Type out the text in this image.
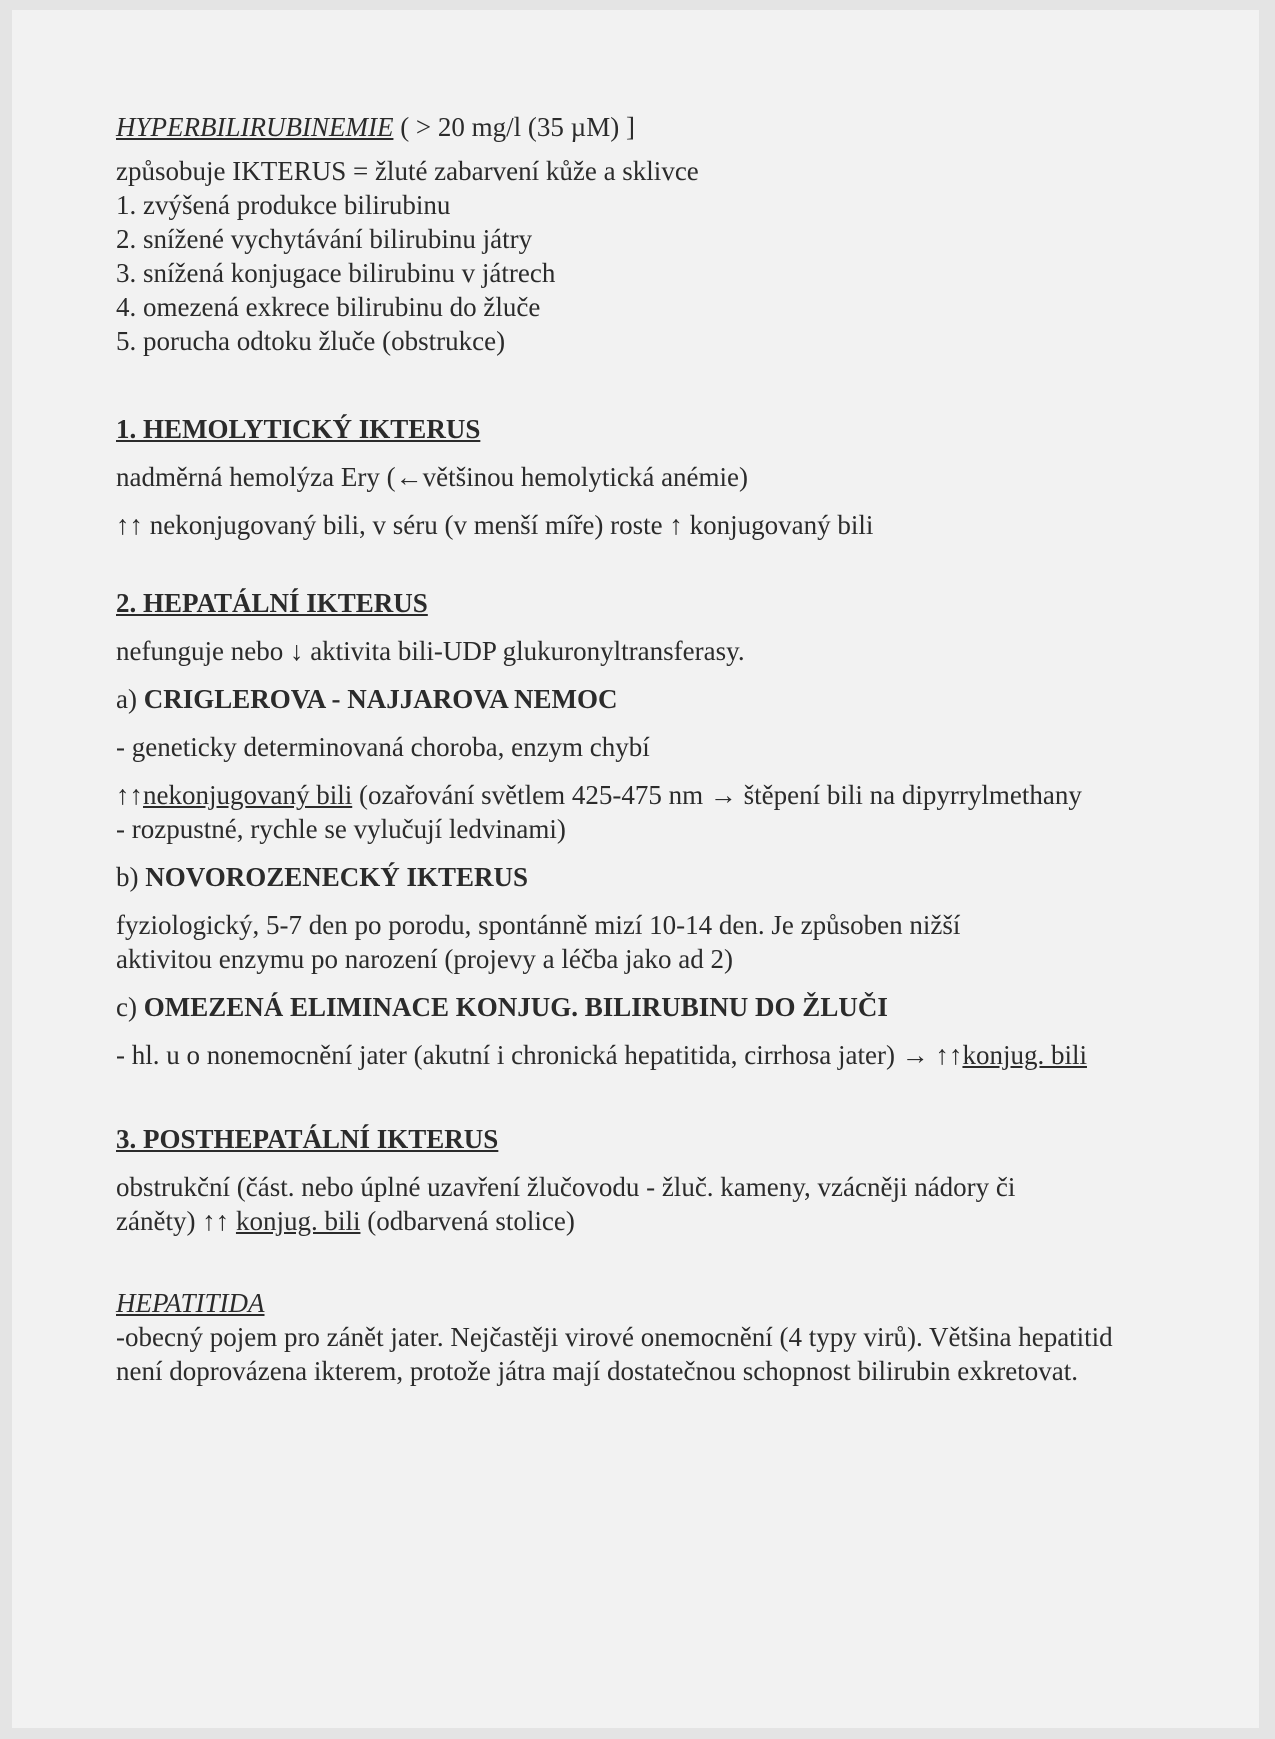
HYPERBILIRUBINEMIE ( > 20 mg/l (35 µM) ]
způsobuje IKTERUS = žluté zabarvení kůže a sklivce
1. zvýšená produkce bilirubinu
2. snížené vychytávání bilirubinu játry
3. snížená konjugace bilirubinu v játrech
4. omezená exkrece bilirubinu do žluče
5. porucha odtoku žluče (obstrukce)
1. HEMOLYTICKÝ IKTERUS
nadměrná hemolýza Ery (←většinou hemolytická anémie)
↑↑ nekonjugovaný bili, v séru (v menší míře) roste ↑ konjugovaný bili
2. HEPATÁLNÍ IKTERUS
nefunguje nebo ↓ aktivita bili-UDP glukuronyltransferasy.
a) CRIGLEROVA - NAJJAROVA NEMOC
- geneticky determinovaná choroba, enzym chybí
↑↑nekonjugovaný bili (ozařování světlem 425-475 nm → štěpení bili na dipyrrylmethany
- rozpustné, rychle se vylučují ledvinami)
b) NOVOROZENECKÝ IKTERUS
fyziologický, 5-7 den po porodu, spontánně mizí 10-14 den. Je způsoben nižší aktivitou enzymu po narození (projevy a léčba jako ad 2)
c) OMEZENÁ ELIMINACE KONJUG. BILIRUBINU DO ŽLUČI
- hl. u o nonemocnění jater (akutní i chronická hepatitida, cirrhosa jater) → ↑↑konjug. bili
3. POSTHEPATÁLNÍ IKTERUS
obstrukční (část. nebo úplné uzavření žlučovodu - žluč. kameny, vzácněji nádory či
záněty) ↑↑ konjug. bili (odbarvená stolice)
HEPATITIDA
-obecný pojem pro zánět jater. Nejčastěji virové onemocnění (4 typy virů). Většina hepatitid není doprovázena ikterem, protože játra mají dostatečnou schopnost bilirubin exkretovat.
